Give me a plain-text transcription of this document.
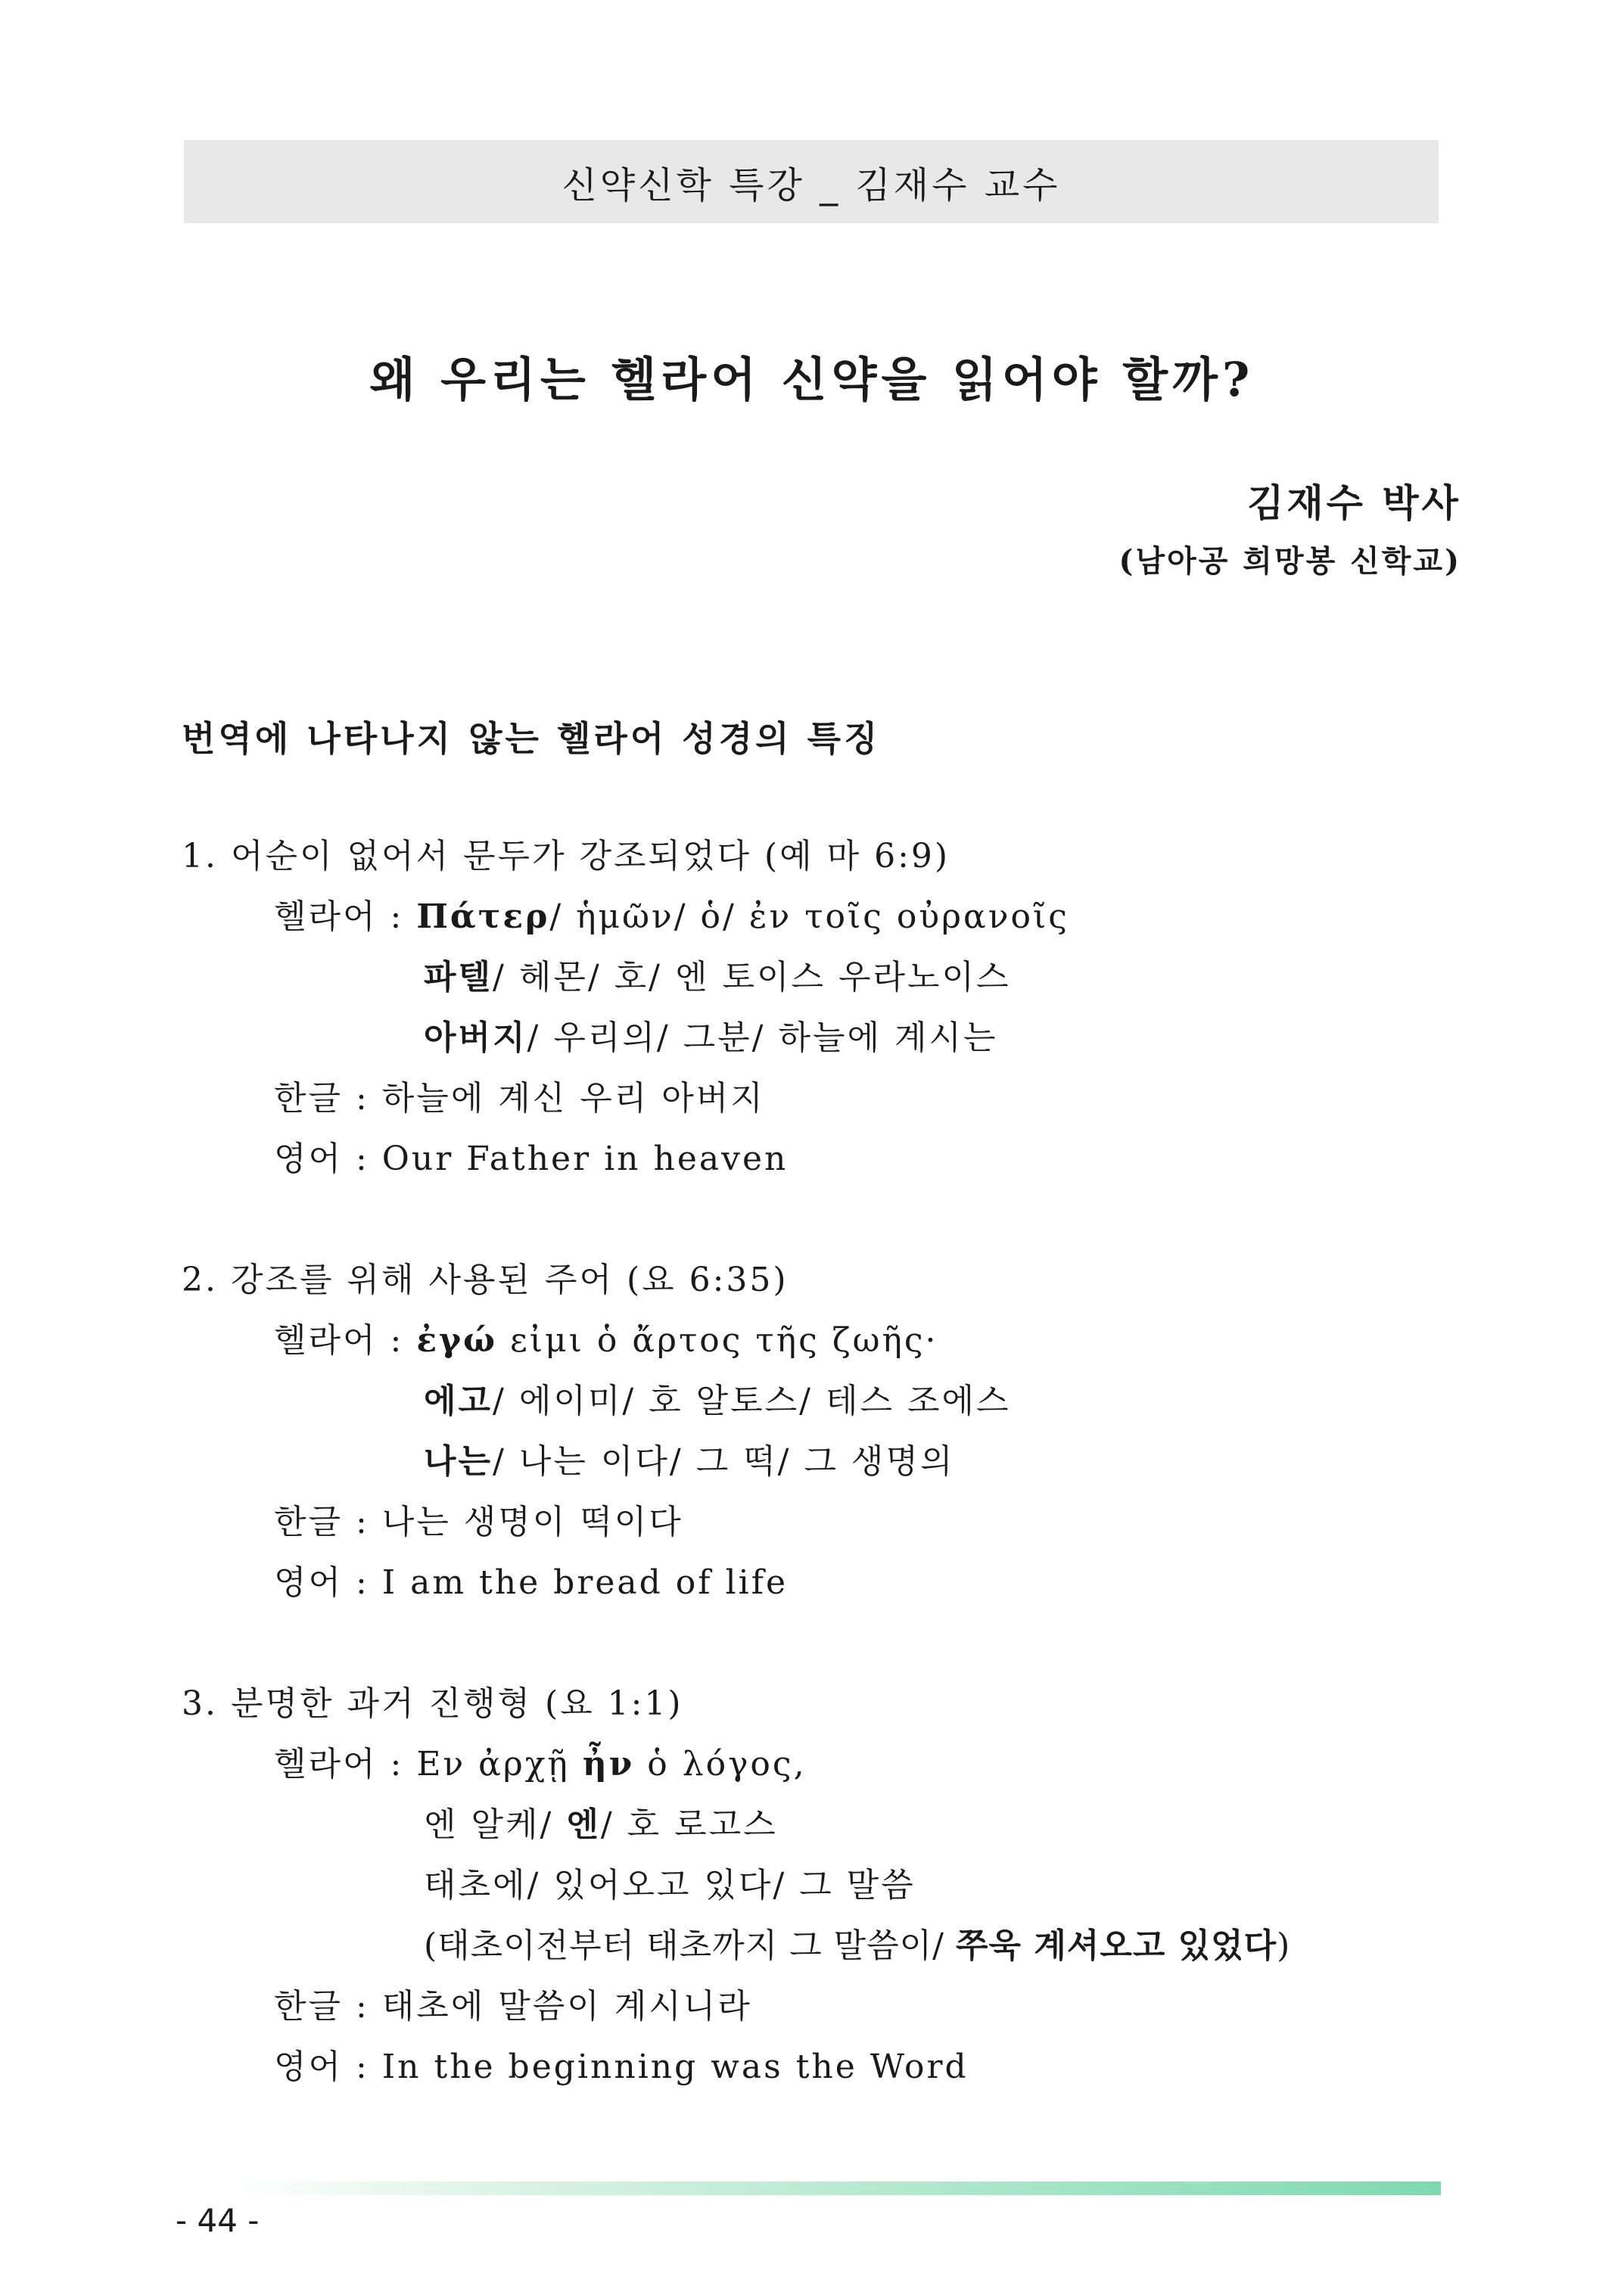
신약신학 특강 _ 김재수 교수
왜 우리는 헬라어 신약을 읽어야 할까?
김재수 박사
(남아공 희망봉 신학교)
번역에 나타나지 않는 헬라어 성경의 특징
1. 어순이 없어서 문두가 강조되었다 (예 마 6:9)
헬라어 : Πάτερ/ ἡμῶν/ ὁ/ ἐν τοῖς οὐρανοῖς
파텔/ 헤몬/ 호/ 엔 토이스 우라노이스
아버지/ 우리의/ 그분/ 하늘에 계시는
한글 : 하늘에 계신 우리 아버지
영어 : Our Father in heaven
2. 강조를 위해 사용된 주어 (요 6:35)
헬라어 : ἐγώ εἰμι ὁ ἄρτος τῆς ζωῆς·
에고/ 에이미/ 호 알토스/ 테스 조에스
나는/ 나는 이다/ 그 떡/ 그 생명의
한글 : 나는 생명이 떡이다
영어 : I am the bread of life
3. 분명한 과거 진행형 (요 1:1)
헬라어 : Εν ἀρχῇ ἦν ὁ λόγος,
엔 알케/ 엔/ 호 로고스
태초에/ 있어오고 있다/ 그 말씀
(태초이전부터 태초까지 그 말씀이/ 쭈욱 계셔오고 있었다)
한글 : 태초에 말씀이 계시니라
영어 : In the beginning was the Word
- 44 -
